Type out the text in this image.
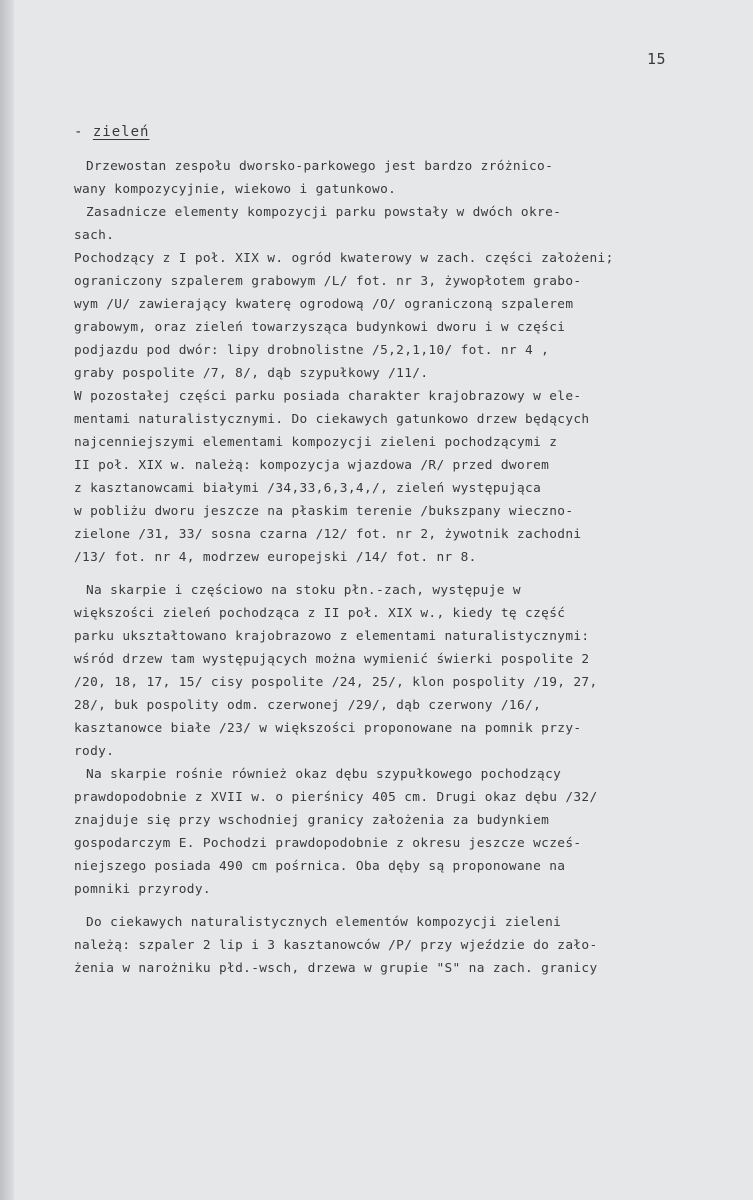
15
- zieleń
Drzewostan zespołu dworsko-parkowego jest bardzo zróżnico-
wany kompozycyjnie, wiekowo i gatunkowo.
Zasadnicze elementy kompozycji parku powstały w dwóch okre-
sach.
Pochodzący z I poł. XIX w. ogród kwaterowy w zach. części założeni;
ograniczony szpalerem grabowym /L/ fot. nr 3, żywopłotem grabo-
wym /U/ zawierający kwaterę ogrodową /O/ ograniczoną szpalerem
grabowym, oraz zieleń towarzysząca budynkowi dworu i w części
podjazdu pod dwór: lipy drobnolistne /5,2,1,10/ fot. nr 4 ,
graby pospolite /7, 8/, dąb szypułkowy /11/.
W pozostałej części parku posiada charakter krajobrazowy w ele-
mentami naturalistycznymi. Do ciekawych gatunkowo drzew będących
najcenniejszymi elementami kompozycji zieleni pochodzącymi z
II poł. XIX w. należą: kompozycja wjazdowa /R/ przed dworem
z kasztanowcami białymi /34,33,6,3,4,/, zieleń występująca
w pobliżu dworu jeszcze na płaskim terenie /bukszpany wieczno-
zielone /31, 33/ sosna czarna /12/ fot. nr 2, żywotnik zachodni
/13/ fot. nr 4, modrzew europejski /14/ fot. nr 8.
Na skarpie i częściowo na stoku płn.-zach, występuje w
większości zieleń pochodząca z II poł. XIX w., kiedy tę część
parku ukształtowano krajobrazowo z elementami naturalistycznymi:
wśród drzew tam występujących można wymienić świerki pospolite 2
/20, 18, 17, 15/ cisy pospolite /24, 25/, klon pospolity /19, 27,
28/, buk pospolity odm. czerwonej /29/, dąb czerwony /16/,
kasztanowce białe /23/ w większości proponowane na pomnik przy-
rody.
Na skarpie rośnie również okaz dębu szypułkowego pochodzący
prawdopodobnie z XVII w. o pierśnicy 405 cm. Drugi okaz dębu /32/
znajduje się przy wschodniej granicy założenia za budynkiem
gospodarczym E. Pochodzi prawdopodobnie z okresu jeszcze wcześ-
niejszego posiada 490 cm pośrnica. Oba dęby są proponowane na
pomniki przyrody.
Do ciekawych naturalistycznych elementów kompozycji zieleni
należą: szpaler 2 lip i 3 kasztanowców /P/ przy wjeździe do zało-
żenia w narożniku płd.-wsch, drzewa w grupie "S" na zach. granicy
